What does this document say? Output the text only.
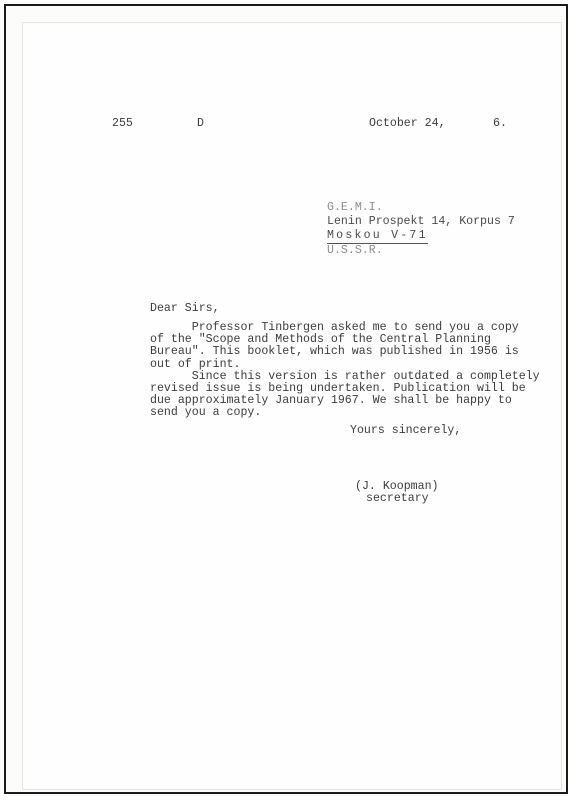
255	D	October 24,	6.
G.E.M.I.
Lenin Prospekt 14, Korpus 7
Moskou V-71
U.S.S.R.
Dear Sirs,
Professor Tinbergen asked me to send you a copy
of the "Scope and Methods of the Central Planning
Bureau". This booklet, which was published in 1956 is
out of print.
Since this version is rather outdated a completely
revised issue is being undertaken. Publication will be
due approximately January 1967. We shall be happy to
send you a copy.
Yours sincerely,
(J. Koopman)
secretary
